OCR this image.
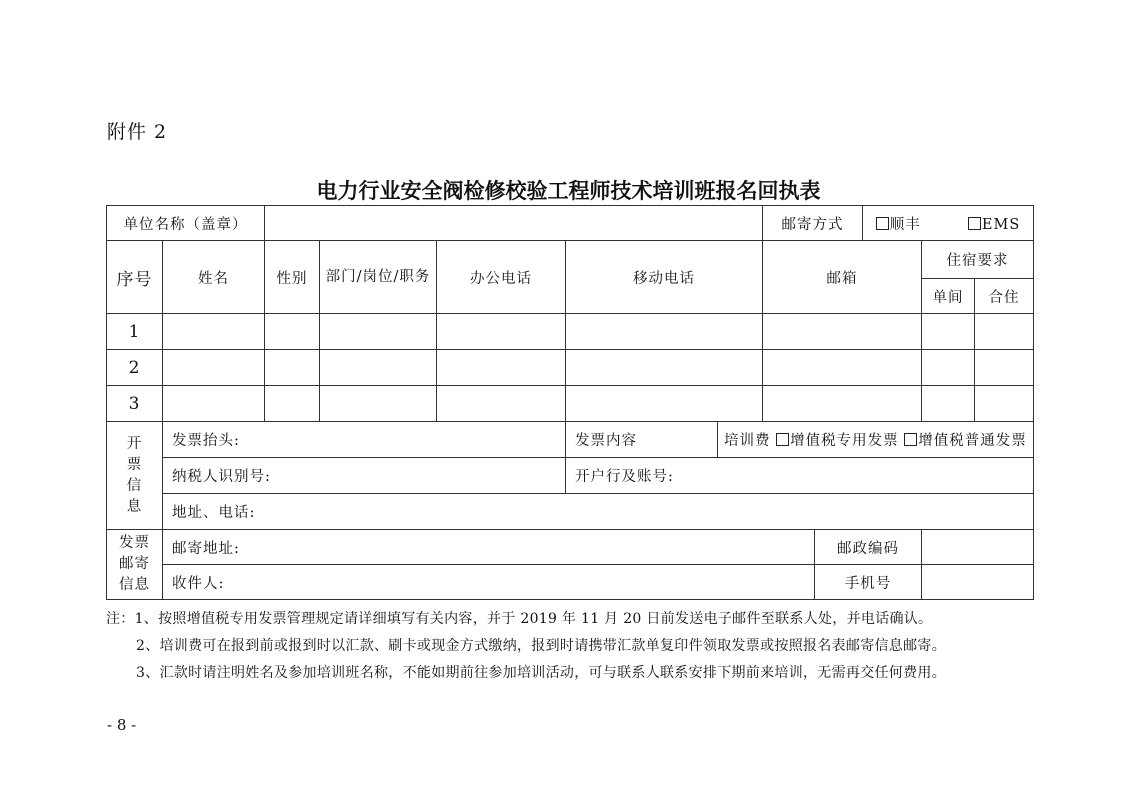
附件 2
电力行业安全阀检修校验工程师技术培训班报名回执表
单位名称（盖章）							邮寄方式		顺丰 EMS		
序号	姓名	性别	部门/岗位/职务	办公电话	移动电话		邮箱			住宿要求	
										单间	合住
1											
2											
3											
开票信息	发票抬头:				发票内容	培训费 增值税专用发票 增值税普通发票					
	纳税人识别号:				开户行及账号:						
	地址、电话:										
发票邮寄信息	邮寄地址:							邮政编码			
	收件人:							手机号			
注：1、按照增值税专用发票管理规定请详细填写有关内容，并于 2019 年 11 月 20 日前发送电子邮件至联系人处，并电话确认。
2、培训费可在报到前或报到时以汇款、刷卡或现金方式缴纳，报到时请携带汇款单复印件领取发票或按照报名表邮寄信息邮寄。
3、汇款时请注明姓名及参加培训班名称，不能如期前往参加培训活动，可与联系人联系安排下期前来培训，无需再交任何费用。
- 8 -
